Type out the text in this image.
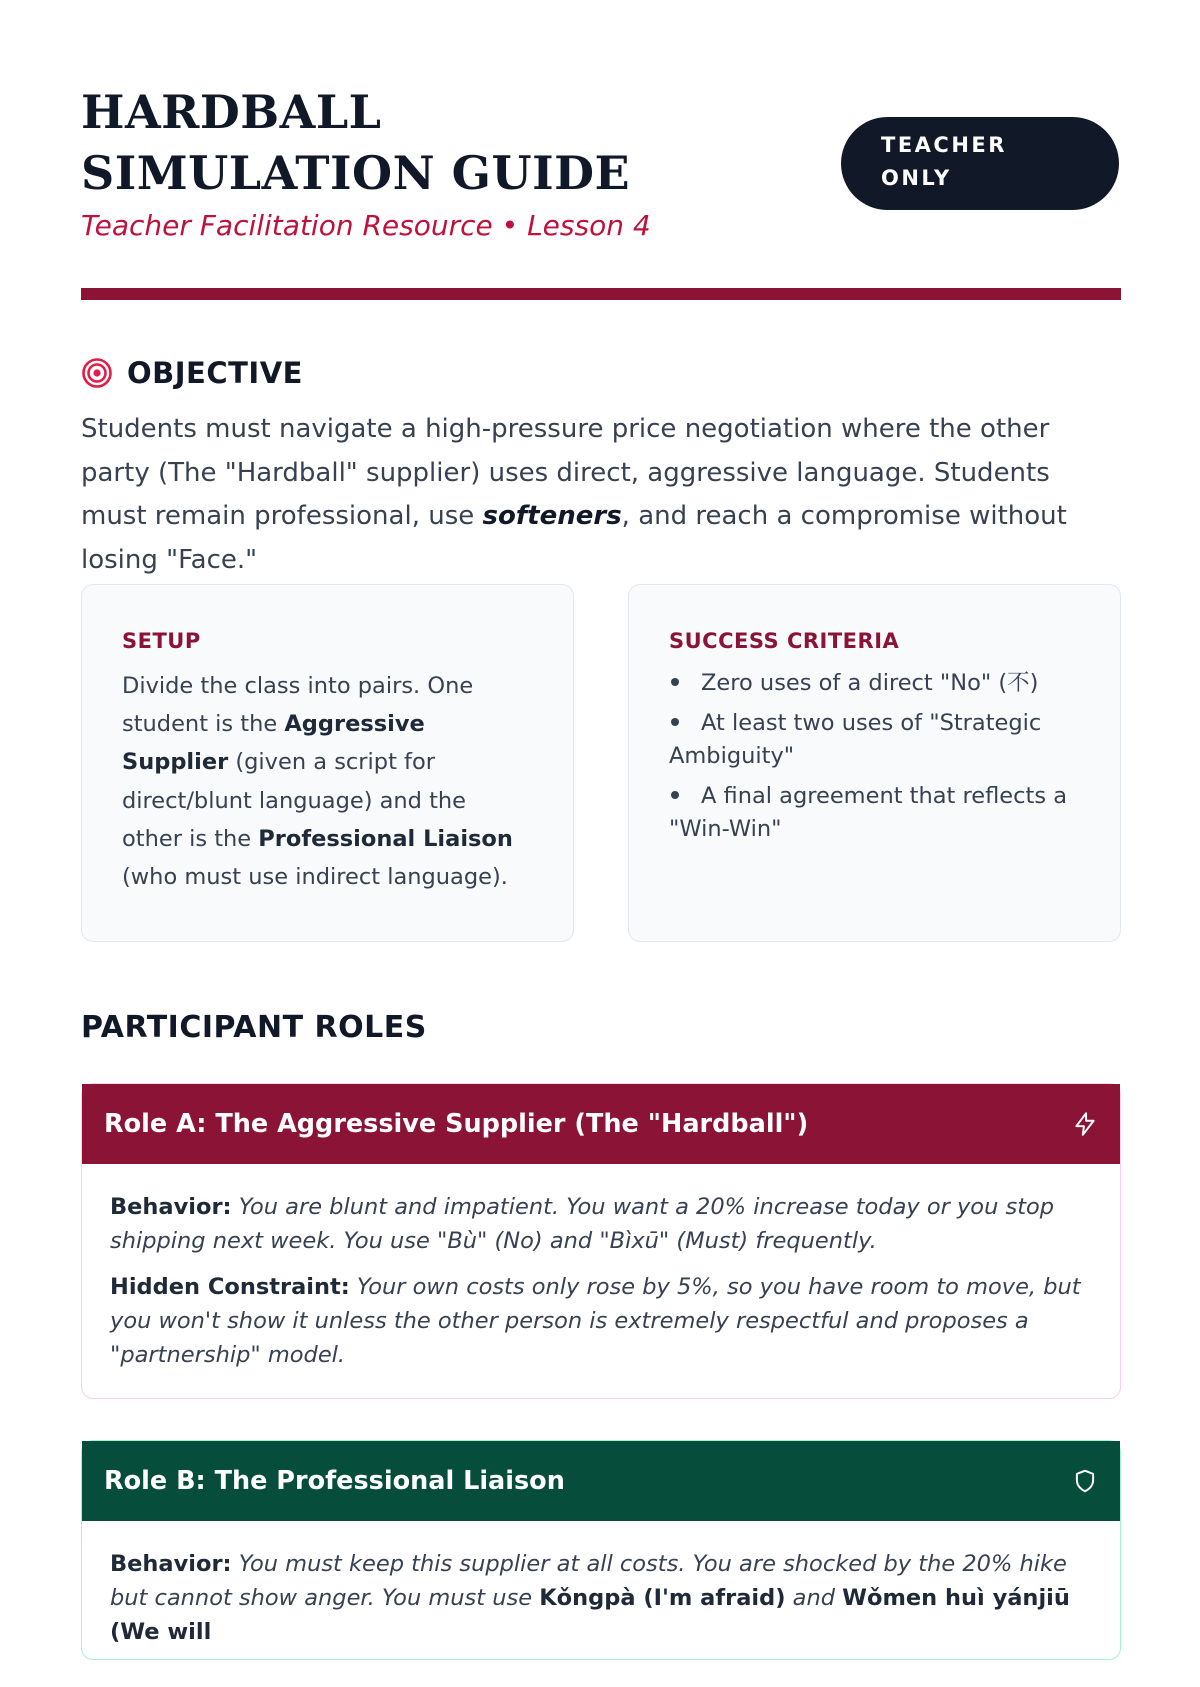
HARDBALL SIMULATION GUIDE
Teacher Facilitation Resource • Lesson 4
TEACHER ONLY
OBJECTIVE

Students must navigate a high-pressure price negotiation where the other party (The "Hardball" supplier) uses direct, aggressive language. Students must remain professional, use softeners, and reach a compromise without losing "Face."

SETUP

Divide the class into pairs. One student is the Aggressive Supplier (given a script for direct/blunt language) and the other is the Professional Liaison (who must use indirect language).

SUCCESS CRITERIA
Zero uses of a direct "No" (不)
At least two uses of "Strategic Ambiguity"
A final agreement that reflects a "Win-Win"
PARTICIPANT ROLES
Role A: The Aggressive Supplier (The "Hardball")

Behavior: You are blunt and impatient. You want a 20% increase today or you stop shipping next week. You use "Bù" (No) and "Bìxū" (Must) frequently.

Hidden Constraint: Your own costs only rose by 5%, so you have room to move, but you won't show it unless the other person is extremely respectful and proposes a "partnership" model.

Role B: The Professional Liaison

Behavior: You must keep this supplier at all costs. You are shocked by the 20% hike but cannot show anger. You must use Kǒngpà (I'm afraid) and Wǒmen huì yánjiū (We will
